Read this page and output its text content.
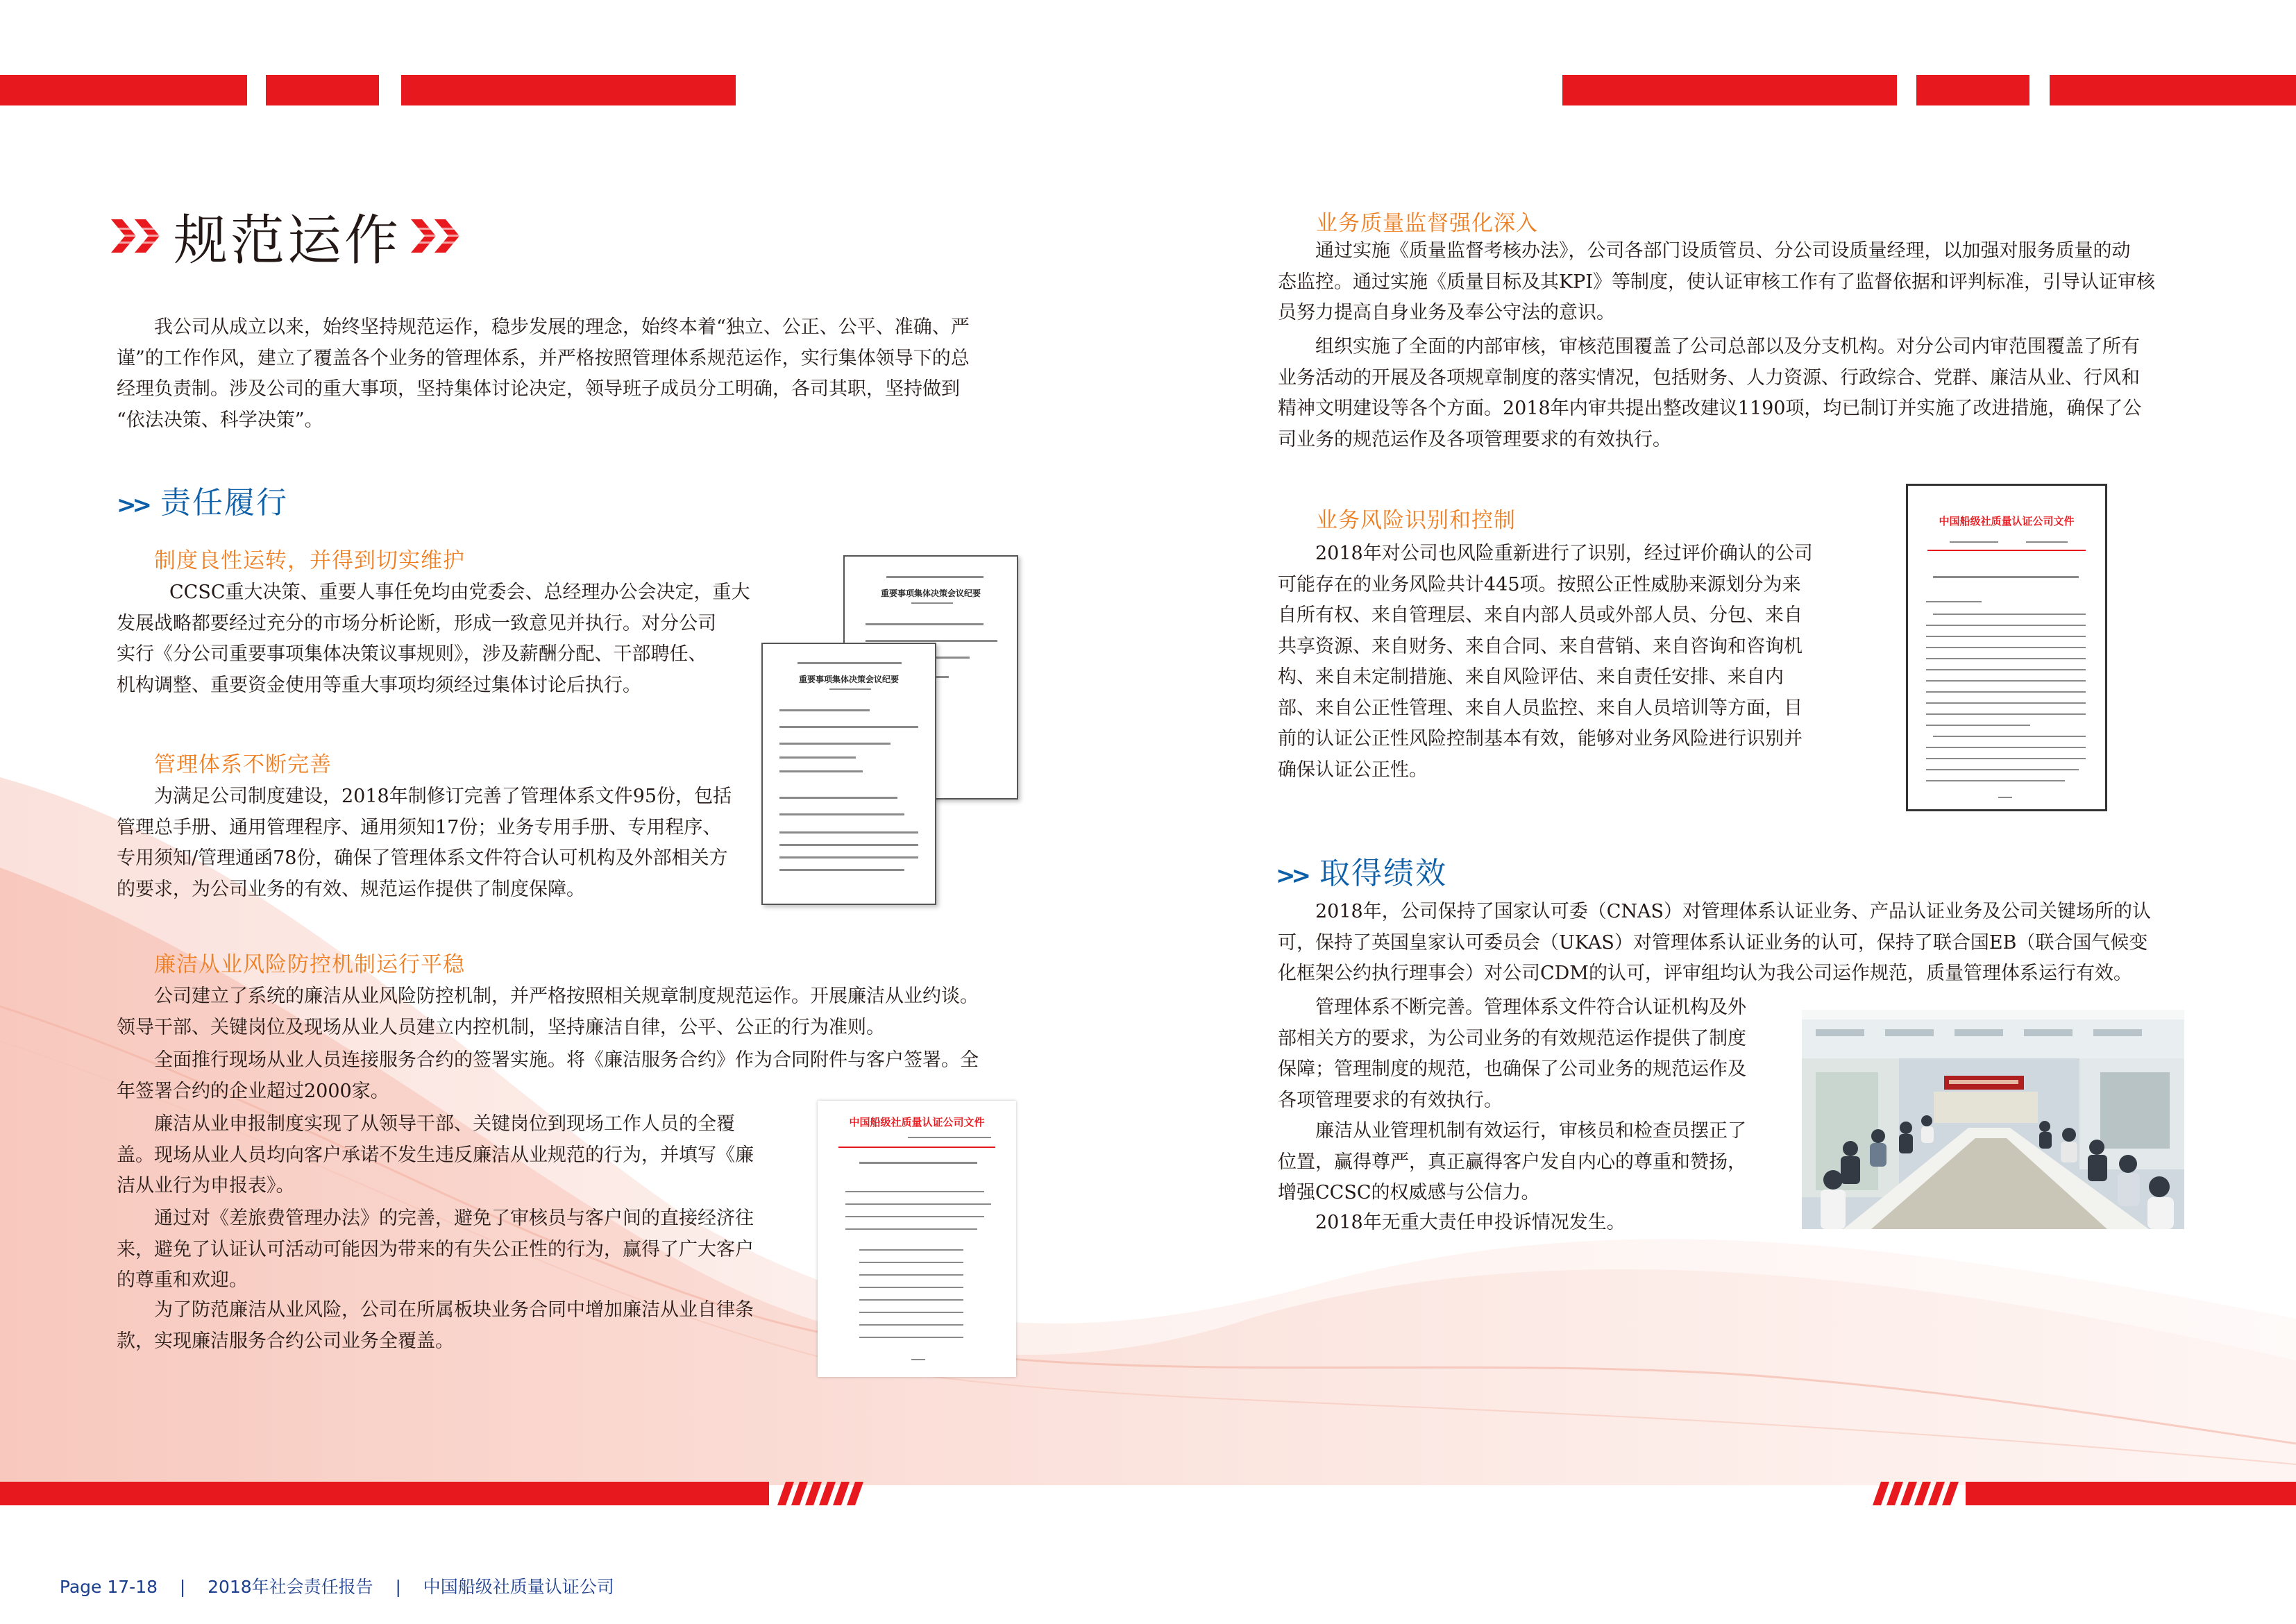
规范运作
我公司从成立以来，始终坚持规范运作，稳步发展的理念，始终本着“独立、公正、公平、准确、严
谨”的工作作风，建立了覆盖各个业务的管理体系，并严格按照管理体系规范运作，实行集体领导下的总
经理负责制。涉及公司的重大事项，坚持集体讨论决定，领导班子成员分工明确，各司其职，坚持做到
“依法决策、科学决策”。
>> 责任履行
制度良性运转，并得到切实维护
CCSC重大决策、重要人事任免均由党委会、总经理办公会决定，重大
发展战略都要经过充分的市场分析论断，形成一致意见并执行。对分公司
实行《分公司重要事项集体决策议事规则》，涉及薪酬分配、干部聘任、
机构调整、重要资金使用等重大事项均须经过集体讨论后执行。
管理体系不断完善
为满足公司制度建设，2018年制修订完善了管理体系文件95份，包括
管理总手册、通用管理程序、通用须知17份；业务专用手册、专用程序、
专用须知/管理通函78份，确保了管理体系文件符合认可机构及外部相关方
的要求，为公司业务的有效、规范运作提供了制度保障。
廉洁从业风险防控机制运行平稳
公司建立了系统的廉洁从业风险防控机制，并严格按照相关规章制度规范运作。开展廉洁从业约谈。
领导干部、关键岗位及现场从业人员建立内控机制，坚持廉洁自律，公平、公正的行为准则。
全面推行现场从业人员连接服务合约的签署实施。将《廉洁服务合约》作为合同附件与客户签署。全
年签署合约的企业超过2000家。
廉洁从业申报制度实现了从领导干部、关键岗位到现场工作人员的全覆
盖。现场从业人员均向客户承诺不发生违反廉洁从业规范的行为，并填写《廉
洁从业行为申报表》。
通过对《差旅费管理办法》的完善，避免了审核员与客户间的直接经济往
来，避免了认证认可活动可能因为带来的有失公正性的行为，赢得了广大客户
的尊重和欢迎。
为了防范廉洁从业风险，公司在所属板块业务合同中增加廉洁从业自律条
款，实现廉洁服务合约公司业务全覆盖。
重要事项集体决策会议纪要
重要事项集体决策会议纪要
中国船级社质量认证公司文件
业务质量监督强化深入
通过实施《质量监督考核办法》，公司各部门设质管员、分公司设质量经理，以加强对服务质量的动
态监控。通过实施《质量目标及其KPI》等制度，使认证审核工作有了监督依据和评判标准，引导认证审核
员努力提高自身业务及奉公守法的意识。
组织实施了全面的内部审核，审核范围覆盖了公司总部以及分支机构。对分公司内审范围覆盖了所有
业务活动的开展及各项规章制度的落实情况，包括财务、人力资源、行政综合、党群、廉洁从业、行风和
精神文明建设等各个方面。2018年内审共提出整改建议1190项，均已制订并实施了改进措施，确保了公
司业务的规范运作及各项管理要求的有效执行。
业务风险识别和控制
2018年对公司也风险重新进行了识别，经过评价确认的公司
可能存在的业务风险共计445项。按照公正性威胁来源划分为来
自所有权、来自管理层、来自内部人员或外部人员、分包、来自
共享资源、来自财务、来自合同、来自营销、来自咨询和咨询机
构、来自未定制措施、来自风险评估、来自责任安排、来自内
部、来自公正性管理、来自人员监控、来自人员培训等方面，目
前的认证公正性风险控制基本有效，能够对业务风险进行识别并
确保认证公正性。
中国船级社质量认证公司文件
>> 取得绩效
2018年，公司保持了国家认可委（CNAS）对管理体系认证业务、产品认证业务及公司关键场所的认
可，保持了英国皇家认可委员会（UKAS）对管理体系认证业务的认可，保持了联合国EB（联合国气候变
化框架公约执行理事会）对公司CDM的认可，评审组均认为我公司运作规范，质量管理体系运行有效。
管理体系不断完善。管理体系文件符合认证机构及外
部相关方的要求，为公司业务的有效规范运作提供了制度
保障；管理制度的规范，也确保了公司业务的规范运作及
各项管理要求的有效执行。
廉洁从业管理机制有效运行，审核员和检查员摆正了
位置，赢得尊严，真正赢得客户发自内心的尊重和赞扬，
增强CCSC的权威感与公信力。
2018年无重大责任申投诉情况发生。

Page 17-18 | 2018年社会责任报告 | 中国船级社质量认证公司
